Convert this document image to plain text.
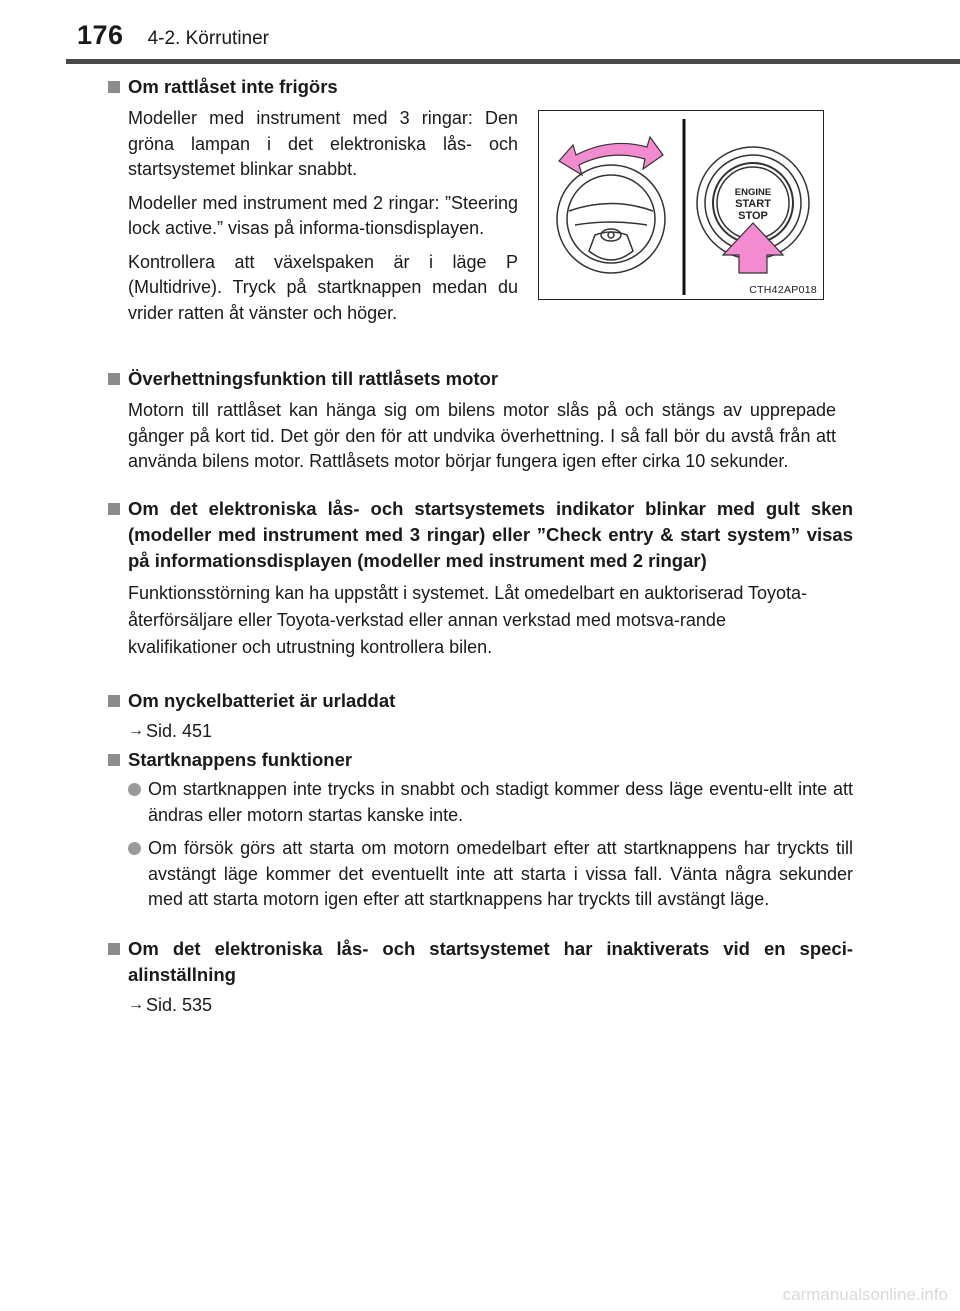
176 4-2. Körrutiner
Om rattlåset inte frigörs
Modeller med instrument med 3 ringar: Den gröna lampan i det elektroniska lås- och startsystemet blinkar snabbt.
Modeller med instrument med 2 ringar: ”Steering lock active.” visas på informa-tionsdisplayen.
Kontrollera att växelspaken är i läge P (Multidrive). Tryck på startknappen medan du vrider ratten åt vänster och höger.
ENGINE
START
STOP
CTH42AP018
Överhettningsfunktion till rattlåsets motor
Motorn till rattlåset kan hänga sig om bilens motor slås på och stängs av upprepade gånger på kort tid. Det gör den för att undvika överhettning. I så fall bör du avstå från att använda bilens motor. Rattlåsets motor börjar fungera igen efter cirka 10 sekunder.
Om det elektroniska lås- och startsystemets indikator blinkar med gult sken (modeller med instrument med 3 ringar) eller ”Check entry & start system” visas på informationsdisplayen (modeller med instrument med 2 ringar)
Funktionsstörning kan ha uppstått i systemet. Låt omedelbart en auktoriserad Toyota-återförsäljare eller Toyota-verkstad eller annan verkstad med motsva-rande kvalifikationer och utrustning kontrollera bilen.
Om nyckelbatteriet är urladdat
→ Sid. 451
Startknappens funktioner
Om startknappen inte trycks in snabbt och stadigt kommer dess läge eventu-ellt inte att ändras eller motorn startas kanske inte.
Om försök görs att starta om motorn omedelbart efter att startknappens har tryckts till avstängt läge kommer det eventuellt inte att starta i vissa fall. Vänta några sekunder med att starta motorn igen efter att startknappens har tryckts till avstängt läge.
Om det elektroniska lås- och startsystemet har inaktiverats vid en speci-alinställning
→ Sid. 535
carmanualsonline.info
